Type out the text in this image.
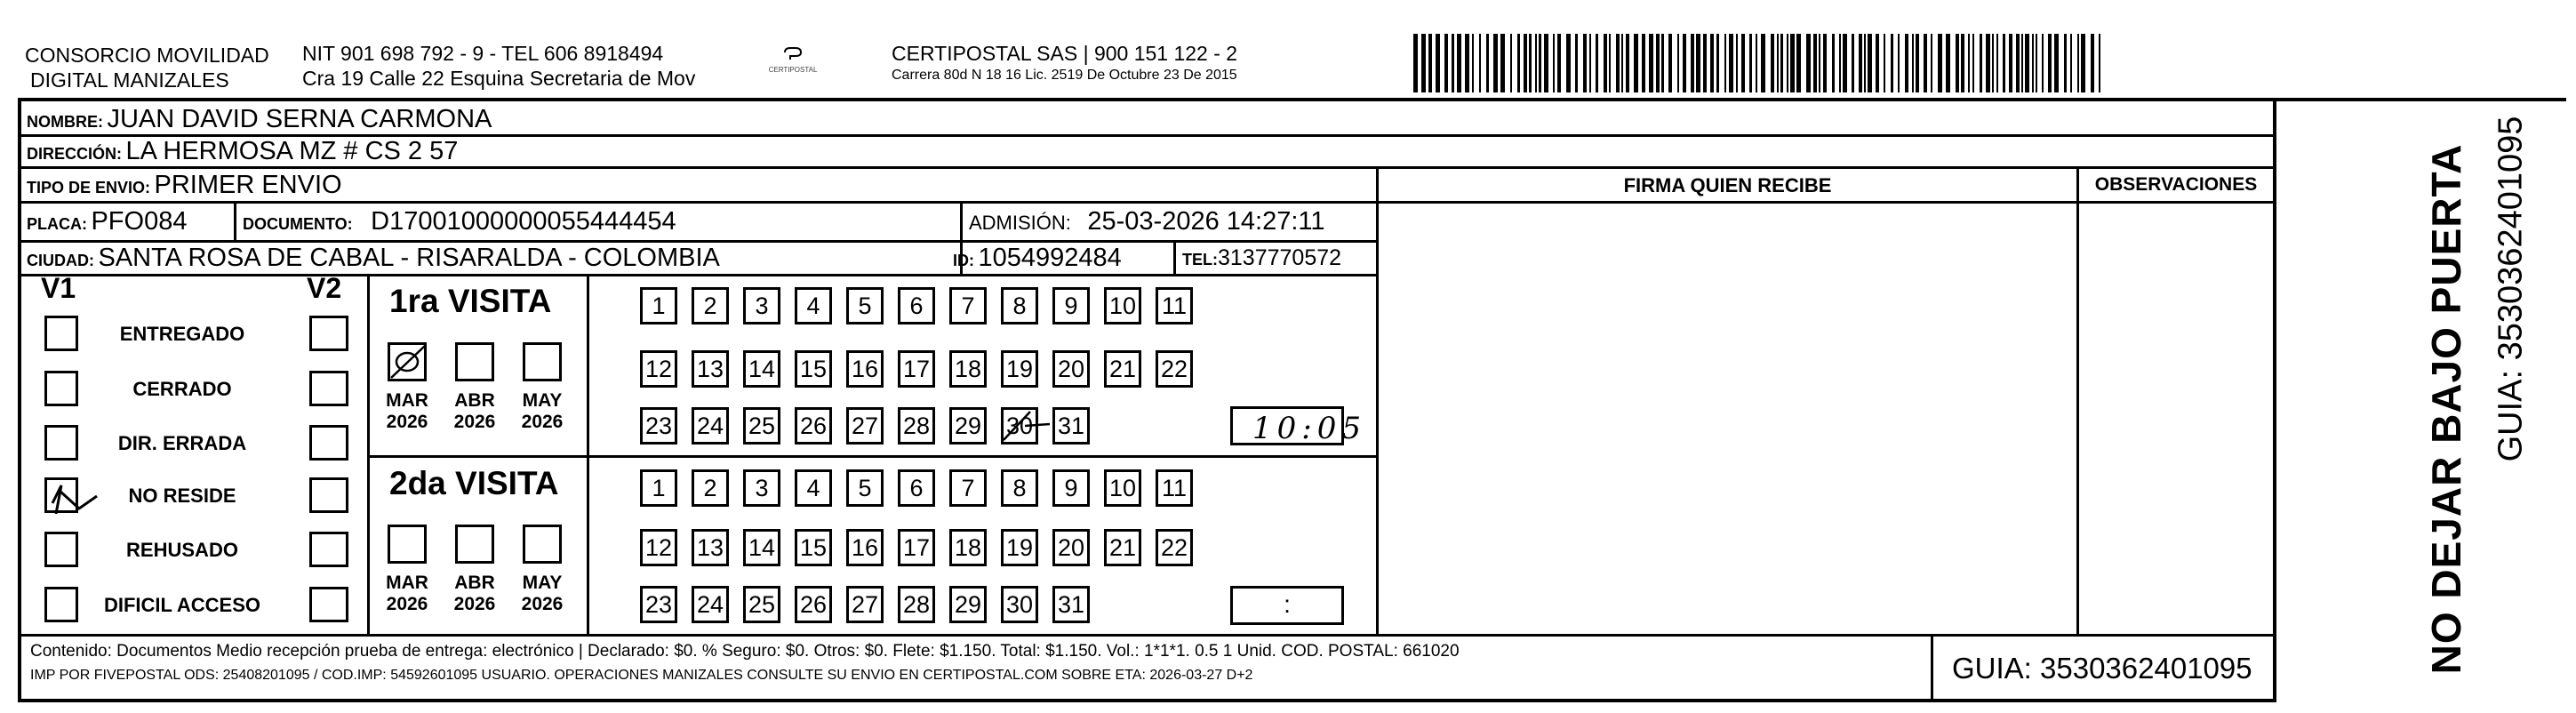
CONSORCIO MOVILIDAD
DIGITAL MANIZALES
NIT 901 698 792 - 9 - TEL 606 8918494
Cra 19 Calle 22 Esquina Secretaria de Mov	CERTIPOSTAL
CERTIPOSTAL SAS | 900 151 122 - 2
Carrera 80d N 18 16 Lic. 2519 De Octubre 23 De 2015
NOMBRE: JUAN DAVID SERNA CARMONA
DIRECCIÓN: LA HERMOSA MZ # CS 2 57
TIPO DE ENVIO: PRIMER ENVIO
PLACA: PFO084	DOCUMENTO: D17001000000055444454	ADMISIÓN: 25-03-2026 14:27:11
CIUDAD: SANTA ROSA DE CABAL - RISARALDA - COLOMBIA	ID: 1054992484	TEL:3137770572
FIRMA QUIEN RECIBE	OBSERVACIONES
V1	V2
ENTREGADO
CERRADO
DIR. ERRADA
NO RESIDE
REHUSADO
DIFICIL ACCESO
1ra VISITA
2da VISITA
MAR
2026
ABR
2026
MAY
2026
MAR
2026
ABR
2026
MAY
2026
1 2 3 4 5 6 7 8 9 10 11
12 13 14 15 16 17 18 19 20 21 22
23 24 25 26 27 28 29 30 31
1 2 3 4 5 6 7 8 9 10 11
12 13 14 15 16 17 18 19 20 21 22
23 24 25 26 27 28 29 30 31
10:05
:
Contenido: Documentos Medio recepción prueba de entrega: electrónico | Declarado: $0. % Seguro: $0. Otros: $0. Flete: $1.150. Total: $1.150. Vol.: 1*1*1. 0.5 1 Unid. COD. POSTAL: 661020
IMP POR FIVEPOSTAL ODS: 25408201095 / COD.IMP: 54592601095 USUARIO. OPERACIONES MANIZALES CONSULTE SU ENVIO EN CERTIPOSTAL.COM SOBRE ETA: 2026-03-27 D+2	GUIA: 3530362401095	NO DEJAR BAJO PUERTA GUIA: 3530362401095
